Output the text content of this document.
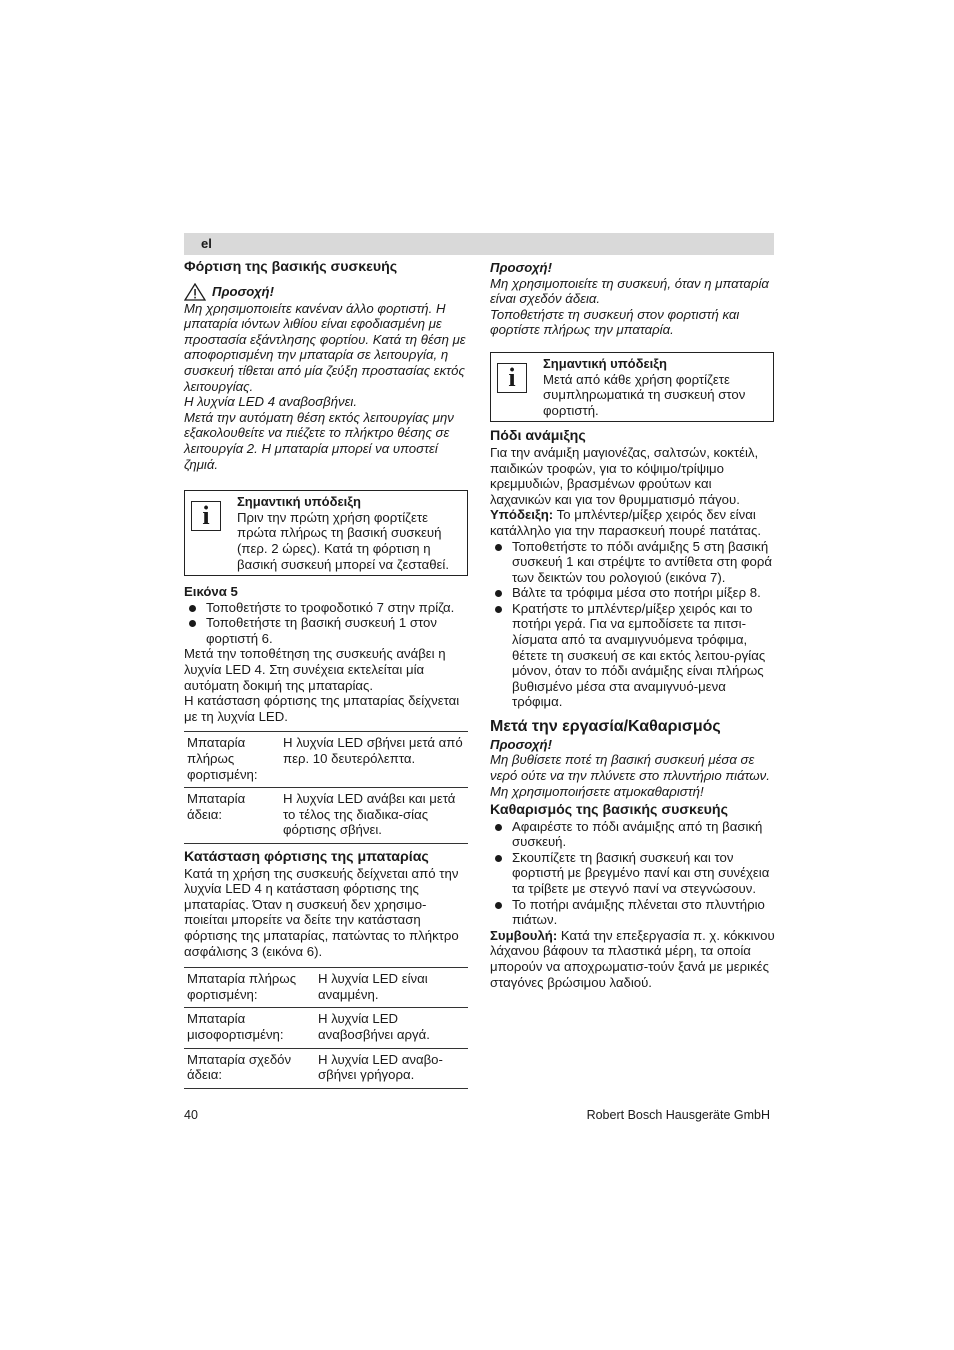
el
Φόρτιση της βασικής συσκευής
Προσοχή!

Μη χρησιμοποιείτε κανέναν άλλο φορτιστή. Η μπαταρία ιόντων λιθίου είναι εφοδιασμένη με προστασία εξάντλησης φορτίου. Κατά τη θέση με αποφορτισμένη την μπαταρία σε λειτουργία, η συσκευή τίθεται από μία ζεύξη προστασίας εκτός λειτουργίας.

Η λυχνία LED 4 αναβοσβήνει.

Μετά την αυτόματη θέση εκτός λειτουργίας μην εξακολουθείτε να πιέζετε το πλήκτρο θέσης σε λειτουργία 2. Η μπαταρία μπορεί να υποστεί ζημιά.

i	Σημαντική υπόδειξη
Πριν την πρώτη χρήση φορτίζετε πρώτα πλήρως τη βασική συσκευή (περ. 2 ώρες). Κατά τη φόρτιση η βασική συσκευή μπορεί να ζεσταθεί.

Εικόνα 5

Τοποθετήστε το τροφοδοτικό 7 στην πρίζα.
Τοποθετήστε τη βασική συσκευή 1 στον φορτιστή 6.

Μετά την τοποθέτηση της συσκευής ανάβει η λυχνία LED 4. Στη συνέχεια εκτελείται μία αυτόματη δοκιμή της μπαταρίας.

Η κατάσταση φόρτισης της μπαταρίας δείχνεται με τη λυχνία LED.

Μπαταρία πλήρως φορτισμένη:	Η λυχνία LED σβήνει μετά από περ. 10 δευτερόλεπτα.
Μπαταρία άδεια:	Η λυχνία LED ανάβει και μετά το τέλος της διαδικα-σίας φόρτισης σβήνει.
Κατάσταση φόρτισης της μπαταρίας

Κατά τη χρήση της συσκευής δείχνεται από την λυχνία LED 4 η κατάσταση φόρτισης της μπαταρίας. Όταν η συσκευή δεν χρησιμο-ποιείται μπορείτε να δείτε την κατάσταση φόρτισης της μπαταρίας, πατώντας το πλήκτρο ασφάλισης 3 (εικόνα 6).

Μπαταρία πλήρως φορτισμένη:	Η λυχνία LED είναι αναμμένη.
Μπαταρία μισοφορτισμένη:	Η λυχνία LED αναβοσβήνει αργά.
Μπαταρία σχεδόν άδεια:	Η λυχνία LED αναβο-σβήνει γρήγορα.

Προσοχή!

Μη χρησιμοποιείτε τη συσκευή, όταν η μπαταρία είναι σχεδόν άδεια.

Τοποθετήστε τη συσκευή στον φορτιστή και φορτίστε πλήρως την μπαταρία.

i	Σημαντική υπόδειξη
Μετά από κάθε χρήση φορτίζετε συμπληρωματικά τη συσκευή στον φορτιστή.
Πόδι ανάμιξης

Για την ανάμιξη μαγιονέζας, σαλτσών, κοκτέιλ, παιδικών τροφών, για το κόψιμο/τρίψιμο κρεμμυδιών, βρασμένων φρούτων και λαχανικών και για τον θρυμματισμό πάγου.

Υπόδειξη: Το μπλέντερ/μίξερ χειρός δεν είναι κατάλληλο για την παρασκευή πουρέ πατάτας.

Τοποθετήστε το πόδι ανάμιξης 5 στη βασική συσκευή 1 και στρέψτε το αντίθετα στη φορά των δεικτών του ρολογιού (εικόνα 7).
Βάλτε τα τρόφιμα μέσα στο ποτήρι μίξερ 8.
Κρατήστε το μπλέντερ/μίξερ χειρός και το ποτήρι γερά. Για να εμποδίσετε τα πιτσι-λίσματα από τα αναμιγνυόμενα τρόφιμα, θέτετε τη συσκευή σε και εκτός λειτου-ργίας μόνον, όταν το πόδι ανάμιξης είναι πλήρως βυθισμένο μέσα στα αναμιγνυό-μενα τρόφιμα.
Μετά την εργασία/Καθαρισμός

Προσοχή!

Μη βυθίσετε ποτέ τη βασική συσκευή μέσα σε νερό ούτε να την πλύνετε στο πλυντήριο πιάτων.

Μη χρησιμοποιήσετε ατμοκαθαριστή!

Καθαρισμός της βασικής συσκευής
Αφαιρέστε το πόδι ανάμιξης από τη βασική συσκευή.
Σκουπίζετε τη βασική συσκευή και τον φορτιστή με βρεγμένο πανί και στη συνέχεια τα τρίβετε με στεγνό πανί να στεγνώσουν.
Το ποτήρι ανάμιξης πλένεται στο πλυντήριο πιάτων.

Συμβουλή: Κατά την επεξεργασία π. χ. κόκκινου λάχανου βάφουν τα πλαστικά μέρη, τα οποία μπορούν να αποχρωματισ-τούν ξανά με μερικές σταγόνες βρώσιμου λαδιού.

40	Robert Bosch Hausgeräte GmbH
